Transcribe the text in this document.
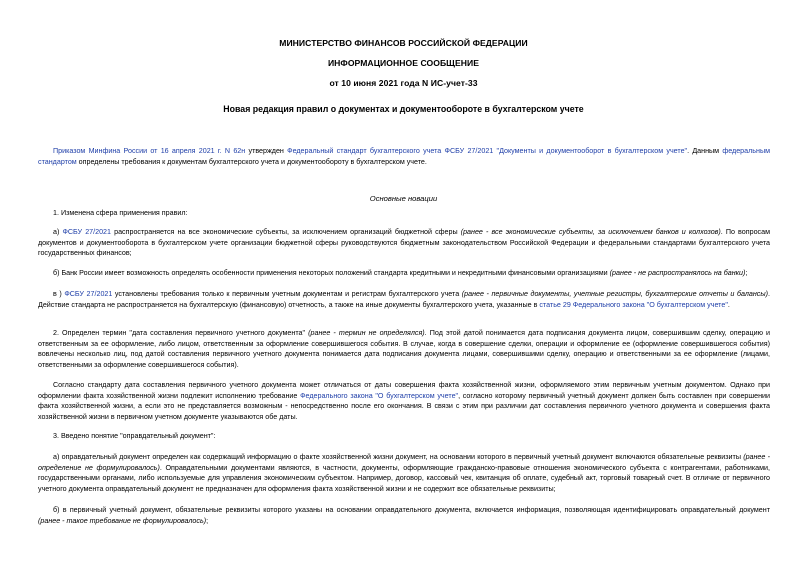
МИНИСТЕРСТВО ФИНАНСОВ РОССИЙСКОЙ ФЕДЕРАЦИИ
ИНФОРМАЦИОННОЕ СООБЩЕНИЕ
от 10 июня 2021 года N ИС-учет-33
Новая редакция правил о документах и документообороте в бухгалтерском учете
Приказом Минфина России от 16 апреля 2021 г. N 62н утвержден Федеральный стандарт бухгалтерского учета ФСБУ 27/2021 "Документы и документооборот в бухгалтерском учете". Данным федеральным стандартом определены требования к документам бухгалтерского учета и документообороту в бухгалтерском учете.
Основные новации
1. Изменена сфера применения правил:
а) ФСБУ 27/2021 распространяется на все экономические субъекты, за исключением организаций бюджетной сферы (ранее - все экономические субъекты, за исключением банков и колхозов). По вопросам документов и документооборота в бухгалтерском учете организации бюджетной сферы руководствуются бюджетным законодательством Российской Федерации и федеральными стандартами бухгалтерского учета государственных финансов;
б) Банк России имеет возможность определять особенности применения некоторых положений стандарта кредитными и некредитными финансовыми организациями (ранее - не распространялось на банки);
в ) ФСБУ 27/2021 установлены требования только к первичным учетным документам и регистрам бухгалтерского учета (ранее - первичные документы, учетные регистры, бухгалтерские отчеты и балансы). Действие стандарта не распространяется на бухгалтерскую (финансовую) отчетность, а также на иные документы бухгалтерского учета, указанные в статье 29 Федерального закона "О бухгалтерском учете".
2. Определен термин "дата составления первичного учетного документа" (ранее - термин не определялся). Под этой датой понимается дата подписания документа лицом, совершившим сделку, операцию и ответственным за ее оформление, либо лицом, ответственным за оформление совершившегося события. В случае, когда в совершение сделки, операции и оформление ее (оформление совершившегося события) вовлечены несколько лиц, под датой составления первичного учетного документа понимается дата подписания документа лицами, совершившими сделку, операцию и ответственными за ее оформление (лицами, ответственными за оформление совершившегося события).
Согласно стандарту дата составления первичного учетного документа может отличаться от даты совершения факта хозяйственной жизни, оформляемого этим первичным учетным документом. Однако при оформлении факта хозяйственной жизни подлежит исполнению требование Федерального закона "О бухгалтерском учете", согласно которому первичный учетный документ должен быть составлен при совершении факта хозяйственной жизни, а если это не представляется возможным - непосредственно после его окончания. В связи с этим при различии дат составления первичного учетного документа и совершения факта хозяйственной жизни в первичном учетном документе указываются обе даты.
3. Введено понятие "оправдательный документ":
а) оправдательный документ определен как содержащий информацию о факте хозяйственной жизни документ, на основании которого в первичный учетный документ включаются обязательные реквизиты (ранее - определение не формулировалось). Оправдательными документами являются, в частности, документы, оформляющие гражданско-правовые отношения экономического субъекта с контрагентами, работниками, государственными органами, либо используемые для управления экономическим субъектом. Например, договор, кассовый чек, квитанция об оплате, судебный акт, торговый товарный счет. В отличие от первичного учетного документа оправдательный документ не предназначен для оформления факта хозяйственной жизни и не содержит все обязательные реквизиты;
б) в первичный учетный документ, обязательные реквизиты которого указаны на основании оправдательного документа, включается информация, позволяющая идентифицировать оправдательный документ (ранее - такое требование не формулировалось);
